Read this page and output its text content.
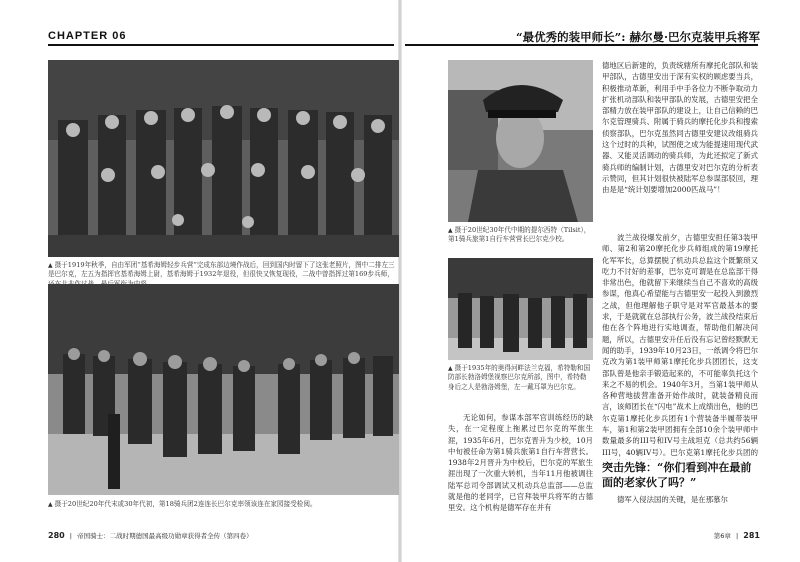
CHAPTER 06	“最优秀的装甲师长”: 赫尔曼·巴尔克装甲兵将军
▲ 摄于1919年秋季，自由军团“基希海姆轻步兵营”完成东部边境作战后，回到国内时留下了这张老照片，图中二排左三是巴尔克，左五为指挥官基希海姆上尉，基希海姆于1932年退役，但很快又恢复现役，二战中曾指挥过第169步兵师，
▲ 摄于20世纪20年代末或30年代初，第18骑兵团2连连长巴尔克率领该连在家园接受检阅。
▲ 摄于20世纪30年代中期的提尔西特（Tilsit），第1骑兵旅第1自行车营营长巴尔克少校。
▲ 摄于1935年的奥得河畔法兰克福，希特勒和国防部长勃洛姆堡视察巴尔克所部，图中，希特勒身后之人是勃洛姆堡，左一戴耳罩为巴尔克。
无论如何，参谋本部军官训练经历的缺失，在一定程度上拖累过巴尔克的军旅生涯，1935年6月，巴尔克晋升为少校，10月中旬被任命为第1骑兵旅第1自行车营营长。1938年2月晋升为中校后，巴尔克的军旅生涯出现了一次重大转机，当年11月他被调往陆军总司令部调试又机动兵总监部——总监就是他的老同学，已官拜装甲兵将军的古德里安。这个机构是德军存在并有
德地区后新建的，负责统辖所有摩托化部队和装甲部队，古德里安出于深有实权的顾虑要当兵，积极推动革新，利用手中手各位力不断争取动力扩张机动部队和装甲部队的发展，古德里安把全部精力放在装甲部队的建设上，让自己信赖的巴尔克管理骑兵、附属于骑兵的摩托化步兵和搜索侦察部队，巴尔克虽然同古德里安建议改组骑兵这个过时的兵种，试图使之成为能提速用现代武器、又能灵活调动的骑兵师，为此还拟定了新式骑兵师的编制计划，古德里安对巴尔克的分析表示赞同，但其计划很快被陆军总参谋部驳回，理由是是“统计划要增加2000匹战马”！
波兰战役爆发前夕，古德里安担任第3装甲师、第2和第20摩托化步兵师组成的第19摩托化军军长，总算摆脱了机动兵总监这个既繁琐又吃力不讨好的差事，巴尔克可谓是在总监部干得非常出色，他就留下来继续当自己不喜欢的高级参谋，他真心希望能与古德里安一起投入到激烈之战，但他理解他子职守是对军官最基本的要求，于是就就在总部执行公务，波兰战役结束后他在各个阵地进行实地调查，帮助他们解决问题，所以，古德里安升任后没有忘记曾经默默无闻的助手，1939年10月23日，一纸调令将巴尔克改为第1装甲师第1摩托化步兵团团长，这支部队曾是他亲手锻造起来的，不可能辜负托这个来之不易的机会。1940年3月，当第1装甲师从各种营地拔营准备开始作战时，就装备精良而言，该师团长在“闪电”战术上成绩出色，他的巴尔克第1摩托化步兵团有1个营装备半履带装甲车，第1和第2装甲团拥有全部10余个装甲师中数量最多的III号和IV号主战坦克（总共约56辆III号，40辆IV号）。巴尔克第1摩托化步兵团的
突击先锋：“你们看到冲在最前面的老家伙了吗？”
德军入侵法国的关键，是在那慕尔
280 | 帝国骑士：二战时期德国最高级功勋章获得者全传（第四卷）	第6章 | 281
